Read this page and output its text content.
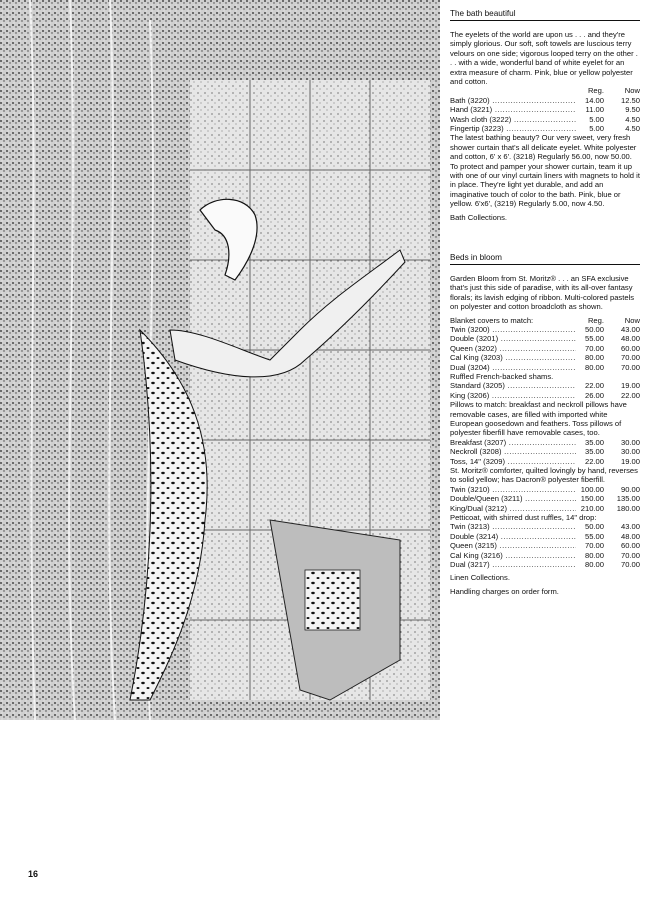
The bath beautiful

The eyelets of the world are upon us . . . and they're simply glorious. Our soft, soft towels are luscious terry velours on one side; vigorous looped terry on the other . . . with a wide, wonderful band of white eyelet for an extra measure of charm. Pink, blue or yellow polyester and cotton.

Reg.	Now
Bath (3220) .....	14.00	12.50
Hand (3221) .....	11.00	9.50
Wash cloth (3222) .....	5.00	4.50
Fingertip (3223) .....	5.00	4.50

The latest bathing beauty? Our very sweet, very fresh shower curtain that's all delicate eyelet. White polyester and cotton, 6' x 6'. (3218) Regularly 56.00, now 50.00. To protect and pamper your shower curtain, team it up with one of our vinyl curtain liners with magnets to hold it in place. They're light yet durable, and add an imaginative touch of color to the bath. Pink, blue or yellow. 6'x6', (3219) Regularly 5.00, now 4.50.

Bath Collections.

Beds in bloom

Garden Bloom from St. Moritz® . . . an SFA exclusive that's just this side of paradise, with its all-over fantasy florals; its lavish edging of ribbon. Multi-colored pastels on polyester and cotton broadcloth as shown.

Blanket covers to match:	Reg.	Now
Twin (3200) .....	50.00	43.00
Double (3201) .....	55.00	48.00
Queen (3202) .....	70.00	60.00
Cal King (3203) .....	80.00	70.00
Dual (3204) .....	80.00	70.00

Ruffled French-backed shams.

Standard (3205) .....	22.00	19.00
King (3206) .....	26.00	22.00

Pillows to match: breakfast and neckroll pillows have removable cases, are filled with imported white European goosedown and feathers. Toss pillows of polyester fiberfill have removable cases, too.

Breakfast (3207) .....	35.00	30.00
Neckroll (3208) .....	35.00	30.00
Toss, 14" (3209) .....	22.00	19.00

St. Moritz® comforter, quilted lovingly by hand, reverses to solid yellow; has Dacron® polyester fiberfill.

Twin (3210) .....	100.00	90.00
Double/Queen (3211) .....	150.00	135.00
King/Dual (3212) .....	210.00	180.00

Petticoat, with shirred dust ruffles, 14" drop:

Twin (3213) .....	50.00	43.00
Double (3214) .....	55.00	48.00
Queen (3215) .....	70.00	60.00
Cal King (3216) .....	80.00	70.00
Dual (3217) .....	80.00	70.00

Linen Collections.

Handling charges on order form.

16
